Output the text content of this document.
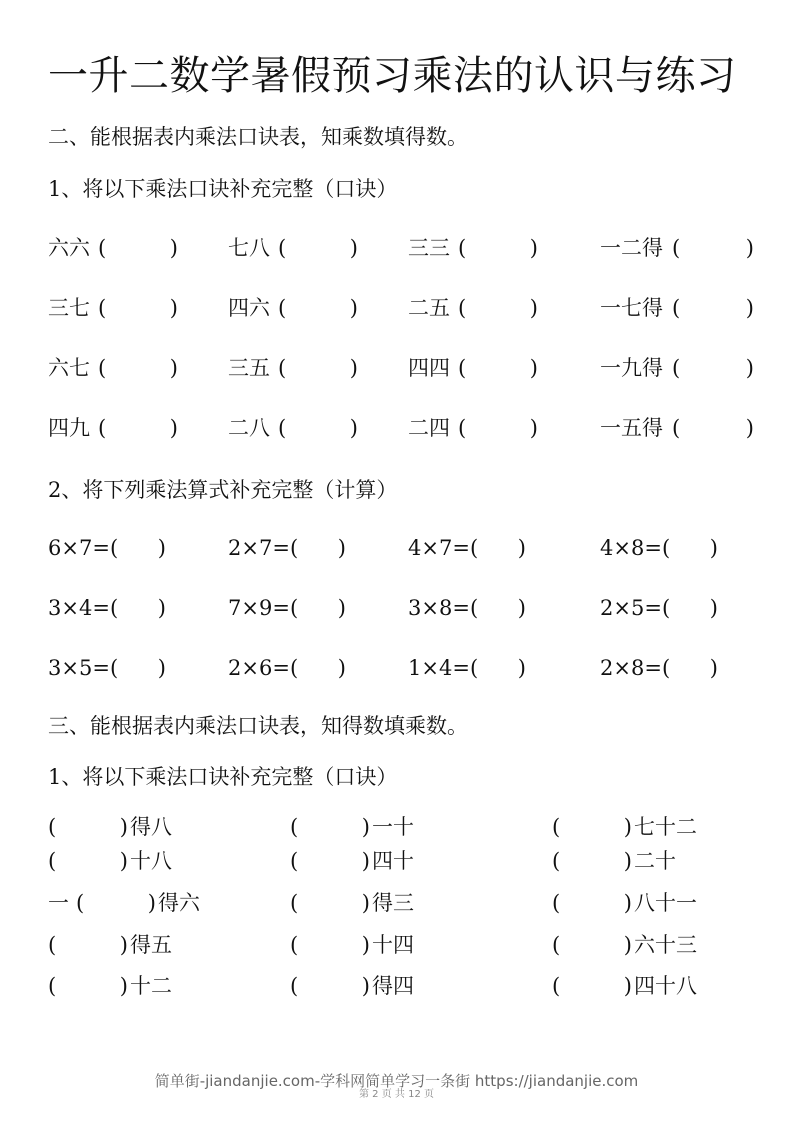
一升二数学暑假预习乘法的认识与练习
二、能根据表内乘法口诀表，知乘数填得数。
1、将以下乘法口诀补充完整（口诀）
六六 (	) 七八 (	) 三三 (	)	一二得 (	)
三七 (	) 四六 (	) 二五 (	)	一七得 (	)
六七 (	) 三五 (	) 四四 (	)	一九得 (	)
四九 (	) 二八 (	) 二四 (	)	一五得 (	)
2、将下列乘法算式补充完整（计算）
6×7= ( )	2×7= ( )	4×7= ( )	4×8= ( )
3×4= ( )	7×9= ( )	3×8= ( )	2×5= ( )
3×5= ( )	2×6= ( )	1×4= ( )	2×8= ( )
三、能根据表内乘法口诀表，知得数填乘数。
1、将以下乘法口诀补充完整（口诀）
(	) 得八	(	) 一十	(	) 七十二
(	) 十八	(	) 四十	(	) 二十
一 (	) 得六	(	) 得三	(	) 八十一
(	) 得五	(	) 十四	(	) 六十三
(	) 十二	(	) 得四	(	) 四十八
简单街-jiandanjie.com-学科网简单学习一条街 https://jiandanjie.com
第 2 页 共 12 页
